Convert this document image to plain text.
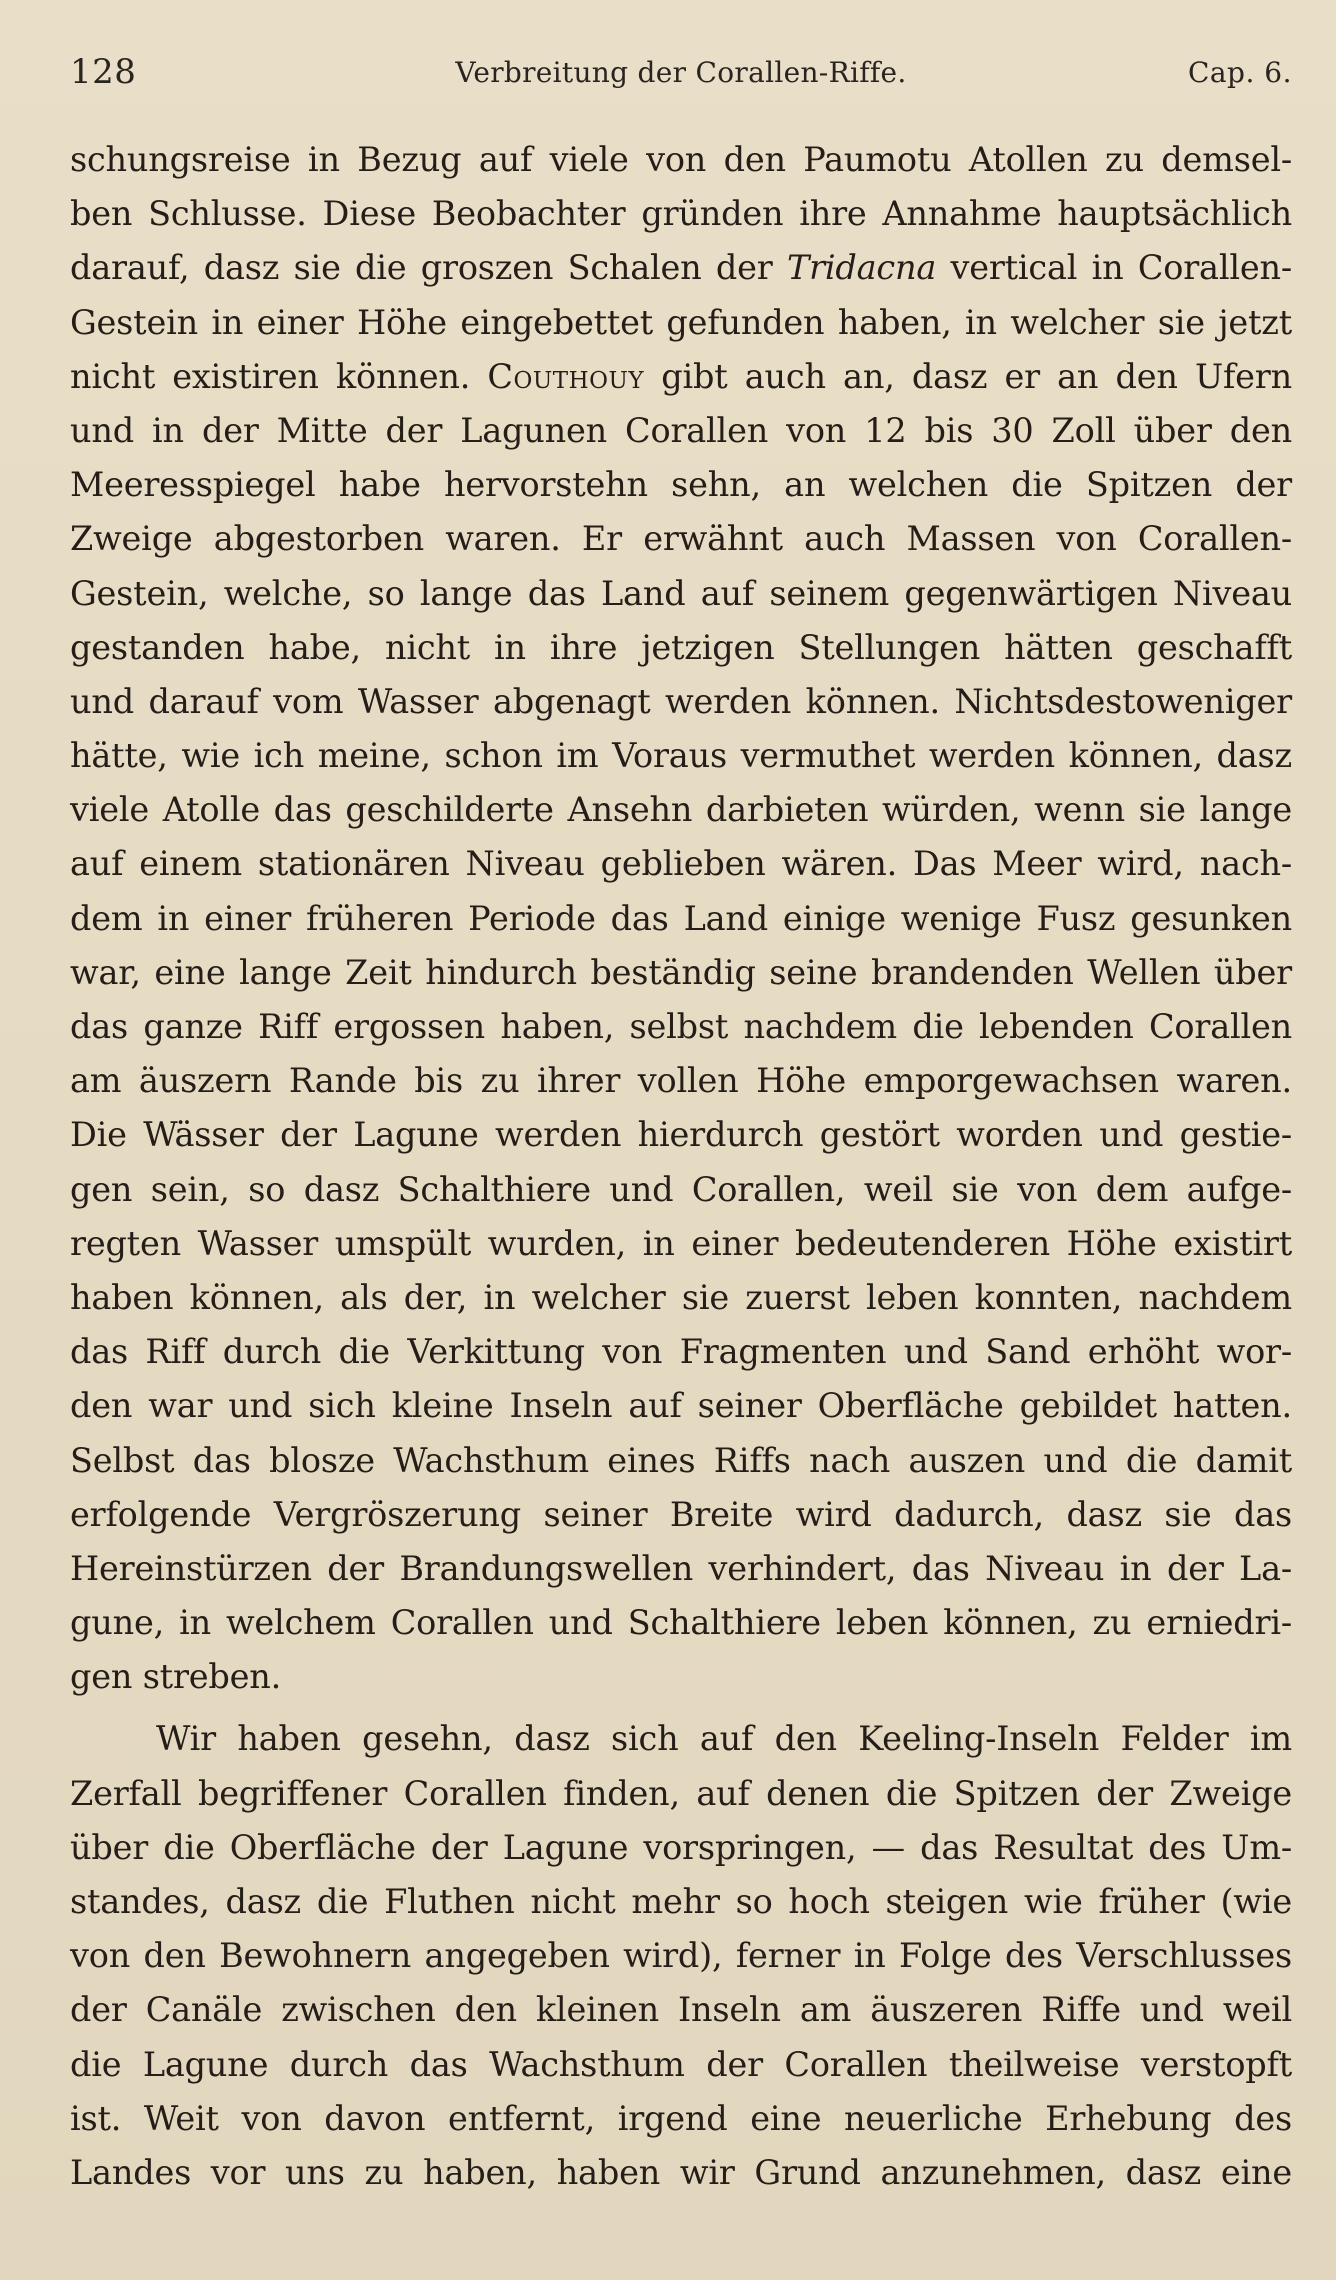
128	Verbreitung der Corallen-Riffe.	Cap. 6.
schungsreise in Bezug auf viele von den Paumotu Atollen zu demsel-
ben Schlusse. Diese Beobachter gründen ihre Annahme hauptsächlich
darauf, dasz sie die groszen Schalen der Tridacna vertical in Corallen-
Gestein in einer Höhe eingebettet gefunden haben, in welcher sie jetzt
nicht existiren können. Couthouy gibt auch an, dasz er an den Ufern
und in der Mitte der Lagunen Corallen von 12 bis 30 Zoll über den
Meeresspiegel habe hervorstehn sehn, an welchen die Spitzen der
Zweige abgestorben waren. Er erwähnt auch Massen von Corallen-
Gestein, welche, so lange das Land auf seinem gegenwärtigen Niveau
gestanden habe, nicht in ihre jetzigen Stellungen hätten geschafft
und darauf vom Wasser abgenagt werden können. Nichtsdestoweniger
hätte, wie ich meine, schon im Voraus vermuthet werden können, dasz
viele Atolle das geschilderte Ansehn darbieten würden, wenn sie lange
auf einem stationären Niveau geblieben wären. Das Meer wird, nach-
dem in einer früheren Periode das Land einige wenige Fusz gesunken
war, eine lange Zeit hindurch beständig seine brandenden Wellen über
das ganze Riff ergossen haben, selbst nachdem die lebenden Corallen
am äuszern Rande bis zu ihrer vollen Höhe emporgewachsen waren.
Die Wässer der Lagune werden hierdurch gestört worden und gestie-
gen sein, so dasz Schalthiere und Corallen, weil sie von dem aufge-
regten Wasser umspült wurden, in einer bedeutenderen Höhe existirt
haben können, als der, in welcher sie zuerst leben konnten, nachdem
das Riff durch die Verkittung von Fragmenten und Sand erhöht wor-
den war und sich kleine Inseln auf seiner Oberfläche gebildet hatten.
Selbst das blosze Wachsthum eines Riffs nach auszen und die damit
erfolgende Vergröszerung seiner Breite wird dadurch, dasz sie das
Hereinstürzen der Brandungswellen verhindert, das Niveau in der La-
gune, in welchem Corallen und Schalthiere leben können, zu erniedri-
gen streben.
Wir haben gesehn, dasz sich auf den Keeling-Inseln Felder im
Zerfall begriffener Corallen finden, auf denen die Spitzen der Zweige
über die Oberfläche der Lagune vorspringen, — das Resultat des Um-
standes, dasz die Fluthen nicht mehr so hoch steigen wie früher (wie
von den Bewohnern angegeben wird), ferner in Folge des Verschlusses
der Canäle zwischen den kleinen Inseln am äuszeren Riffe und weil
die Lagune durch das Wachsthum der Corallen theilweise verstopft
ist. Weit von davon entfernt, irgend eine neuerliche Erhebung des
Landes vor uns zu haben, haben wir Grund anzunehmen, dasz eine
